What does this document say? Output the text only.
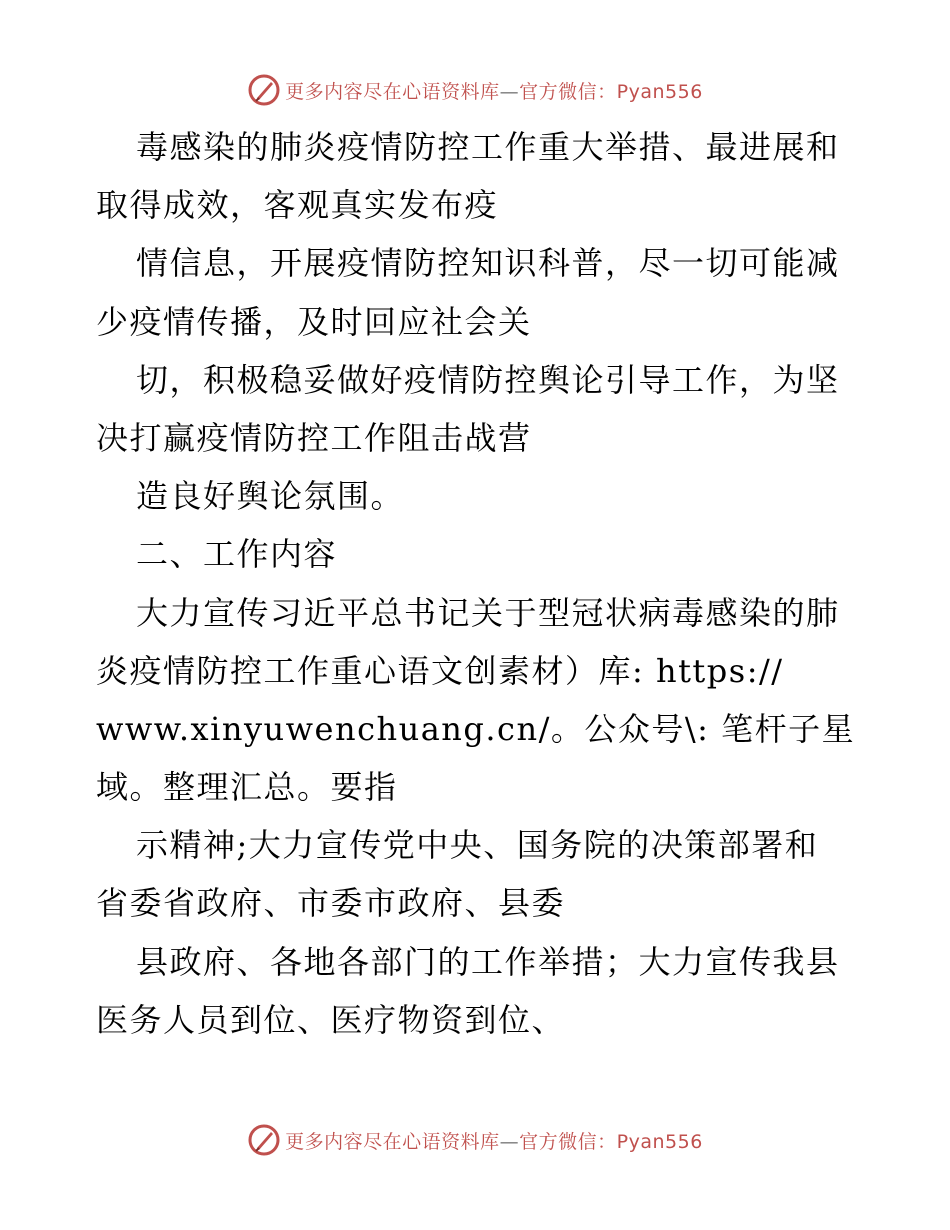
更多内容尽在心语资料库—官方微信：Pyan556
毒感染的肺炎疫情防控工作重大举措、最进展和
取得成效，客观真实发布疫
情信息，开展疫情防控知识科普，尽一切可能减
少疫情传播，及时回应社会关
切，积极稳妥做好疫情防控舆论引导工作，为坚
决打赢疫情防控工作阻击战营
造良好舆论氛围。
二、工作内容
大力宣传习近平总书记关于型冠状病毒感染的肺
炎疫情防控工作重心语文创素材）库: https://
www.xinyuwenchuang.cn/。公众号\: 笔杆子星
域。整理汇总。要指
示精神;大力宣传党中央、国务院的决策部署和
省委省政府、市委市政府、县委
县政府、各地各部门的工作举措；大力宣传我县
医务人员到位、医疗物资到位、
更多内容尽在心语资料库—官方微信：Pyan556
